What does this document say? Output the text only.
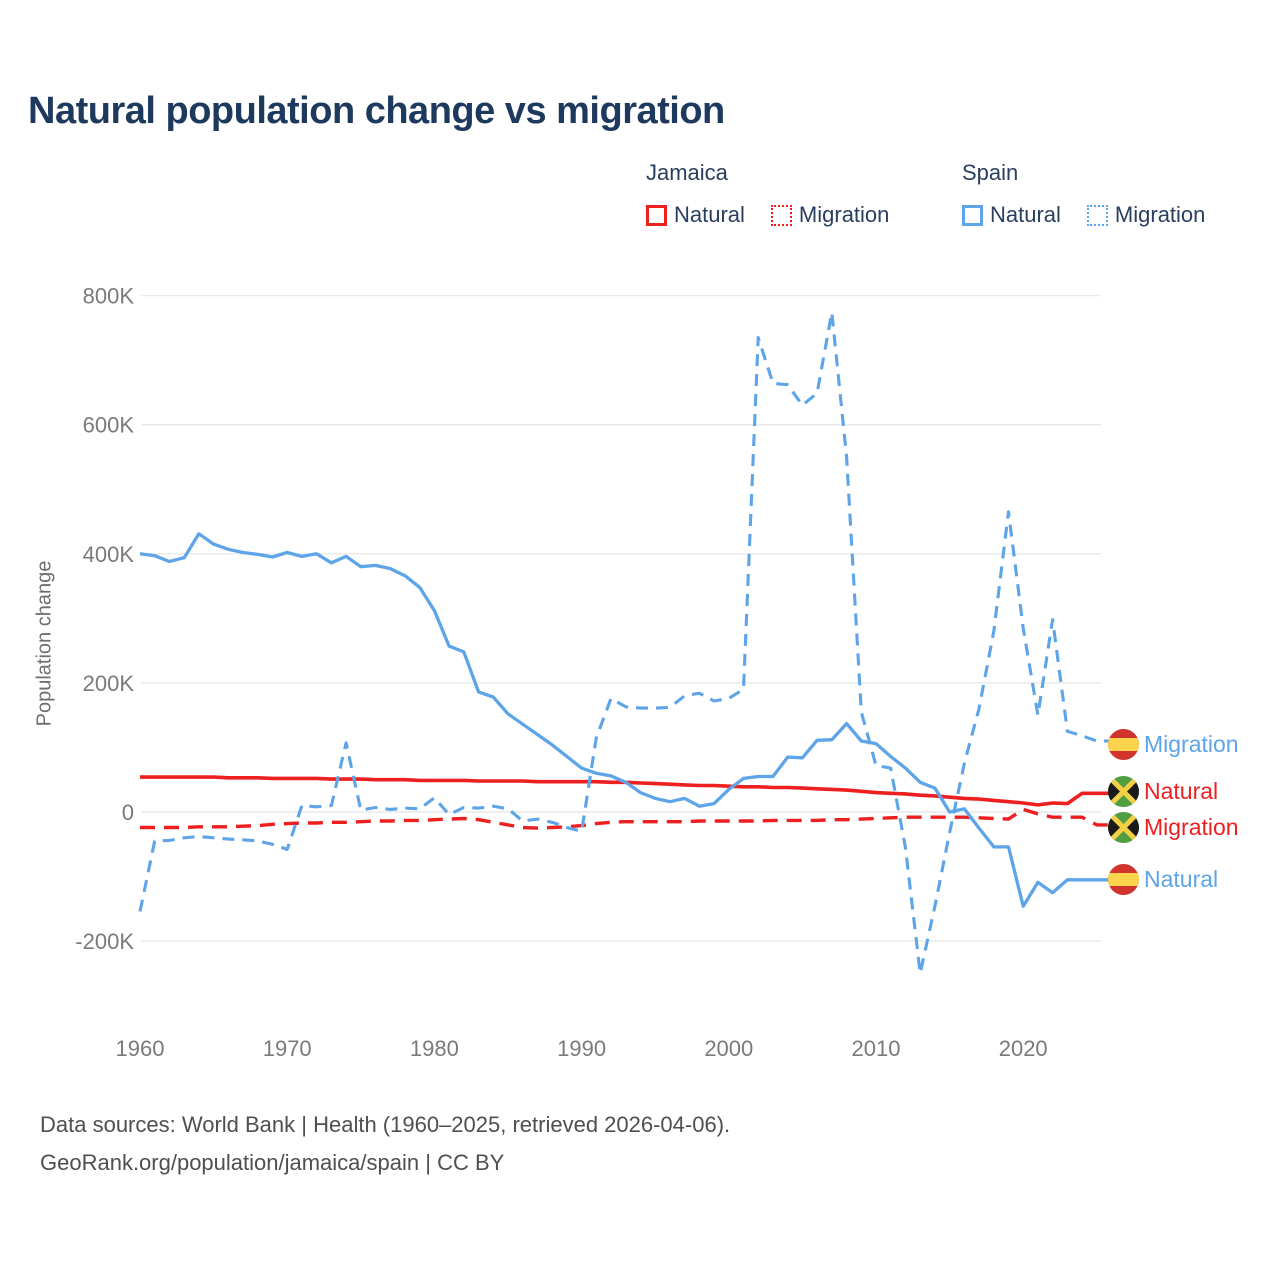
Natural population change vs migration
Jamaica
Natural Migration
Spain
Natural Migration
Population change
800K
600K
400K
200K
0
-200K
1960	1970	1980	1990	2000	2010	2020
Migration
Natural
Migration
Natural
Data sources: World Bank | Health (1960–2025, retrieved 2026-04-06).
GeoRank.org/population/jamaica/spain | CC BY
